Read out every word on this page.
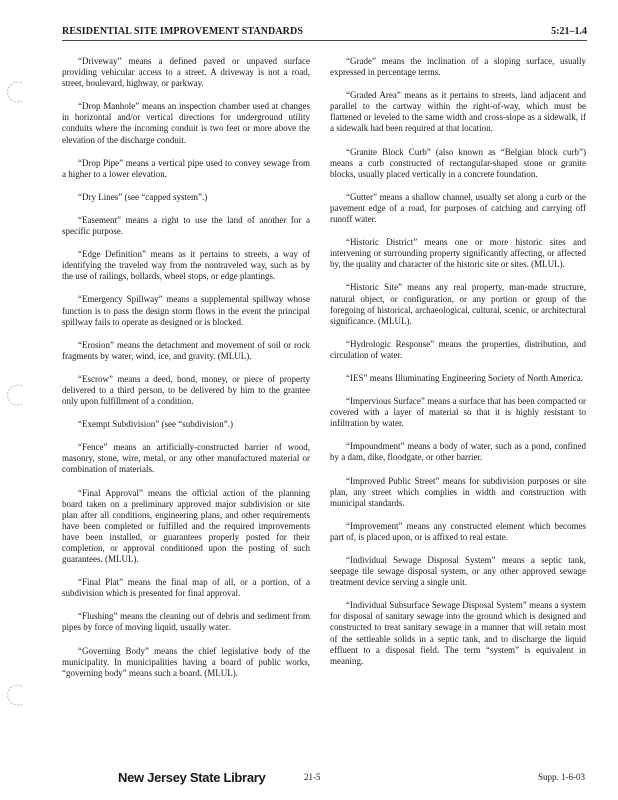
RESIDENTIAL SITE IMPROVEMENT STANDARDS	5:21–1.4

“Driveway” means a defined paved or unpaved surface providing vehicular access to a street. A driveway is not a road, street, boulevard, highway, or parkway.

“Drop Manhole” means an inspection chamber used at changes in horizontal and/or vertical directions for underground utility conduits where the incoming conduit is two feet or more above the elevation of the discharge conduit.

“Drop Pipe” means a vertical pipe used to convey sewage from a higher to a lower elevation.

“Dry Lines” (see “capped system”.)

“Easement” means a right to use the land of another for a specific purpose.

“Edge Definition” means as it pertains to streets, a way of identifying the traveled way from the nontraveled way, such as by the use of railings, bollards, wheel stops, or edge plantings.

“Emergency Spillway” means a supplemental spillway whose function is to pass the design storm flows in the event the principal spillway fails to operate as designed or is blocked.

“Erosion” means the detachment and movement of soil or rock fragments by water, wind, ice, and gravity. (MLUL).

“Escrow” means a deed, bond, money, or piece of property delivered to a third person, to be delivered by him to the grantee only upon fulfillment of a condition.

“Exempt Subdivision” (see “subdivision”.)

“Fence” means an artificially-constructed barrier of wood, masonry, stone, wire, metal, or any other manufactured material or combination of materials.

“Final Approval” means the official action of the planning board taken on a preliminary approved major subdivision or site plan after all conditions, engineering plans, and other requirements have been completed or fulfilled and the required improvements have been installed, or guarantees properly posted for their completion, or approval conditioned upon the posting of such guarantees. (MLUL).

“Final Plat” means the final map of all, or a portion, of a subdivision which is presented for final approval.

“Flushing” means the cleaning out of debris and sediment from pipes by force of moving liquid, usually water.

“Governing Body” means the chief legislative body of the municipality. In municipalities having a board of public works, “governing body” means such a board. (MLUL).

“Grade” means the inclination of a sloping surface, usually expressed in percentage terms.

“Graded Area” means as it pertains to streets, land adjacent and parallel to the cartway within the right-of-way, which must be flattened or leveled to the same width and cross-slope as a sidewalk, if a sidewalk had been required at that location.

“Granite Block Curb” (also known as “Belgian block curb”) means a curb constructed of rectangular-shaped stone or granite blocks, usually placed vertically in a concrete foundation.

“Gutter” means a shallow channel, usually set along a curb or the pavement edge of a road, for purposes of catching and carrying off runoff water.

“Historic District” means one or more historic sites and intervening or surrounding property significantly affecting, or affected by, the quality and character of the historic site or sites. (MLUL).

“Historic Site” means any real property, man-made structure, natural object, or configuration, or any portion or group of the foregoing of historical, archaeological, cultural, scenic, or architectural significance. (MLUL).

“Hydrologic Response” means the properties, distribution, and circulation of water.

“IES” means Illuminating Engineering Society of North America.

“Impervious Surface” means a surface that has been compacted or covered with a layer of material so that it is highly resistant to infiltration by water.

“Impoundment” means a body of water, such as a pond, confined by a dam, dike, floodgate, or other barrier.

“Improved Public Street” means for subdivision purposes or site plan, any street which complies in width and construction with municipal standards.

“Improvement” means any constructed element which becomes part of, is placed upon, or is affixed to real estate.

“Individual Sewage Disposal System” means a septic tank, seepage tile sewage disposal system, or any other approved sewage treatment device serving a single unit.

“Individual Subsurface Sewage Disposal System” means a system for disposal of sanitary sewage into the ground which is designed and constructed to treat sanitary sewage in a manner that will retain most of the settleable solids in a septic tank, and to discharge the liquid effluent to a disposal field. The term “system” is equivalent in meaning.

New Jersey State Library	21-5	Supp. 1-6-03
